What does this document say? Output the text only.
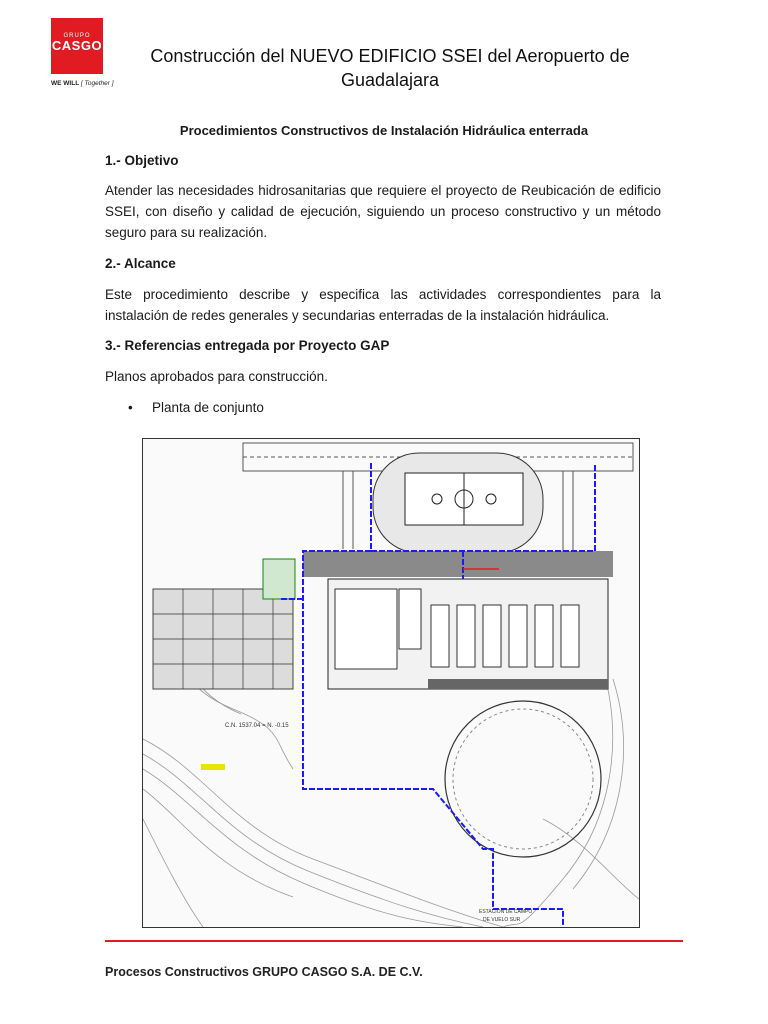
GRUPO
CASGO
WE WILL [ Together ]
Construcción del NUEVO EDIFICIO SSEI del Aeropuerto de Guadalajara
Procedimientos Constructivos de Instalación Hidráulica enterrada
1.- Objetivo

Atender las necesidades hidrosanitarias que requiere el proyecto de Reubicación de edificio SSEI, con diseño y calidad de ejecución, siguiendo un proceso constructivo y un método seguro para su realización.

2.- Alcance

Este procedimiento describe y especifica las actividades correspondientes para la instalación de redes generales y secundarias enterradas de la instalación hidráulica.

3.- Referencias entregada por Proyecto GAP

Planos aprobados para construcción.

• Planta de conjunto
C.N. 1537.04 = N. -0.15
ESTACIÓN DE CAMPO
DE VUELO SUR
Procesos Constructivos GRUPO CASGO S.A. DE C.V.
